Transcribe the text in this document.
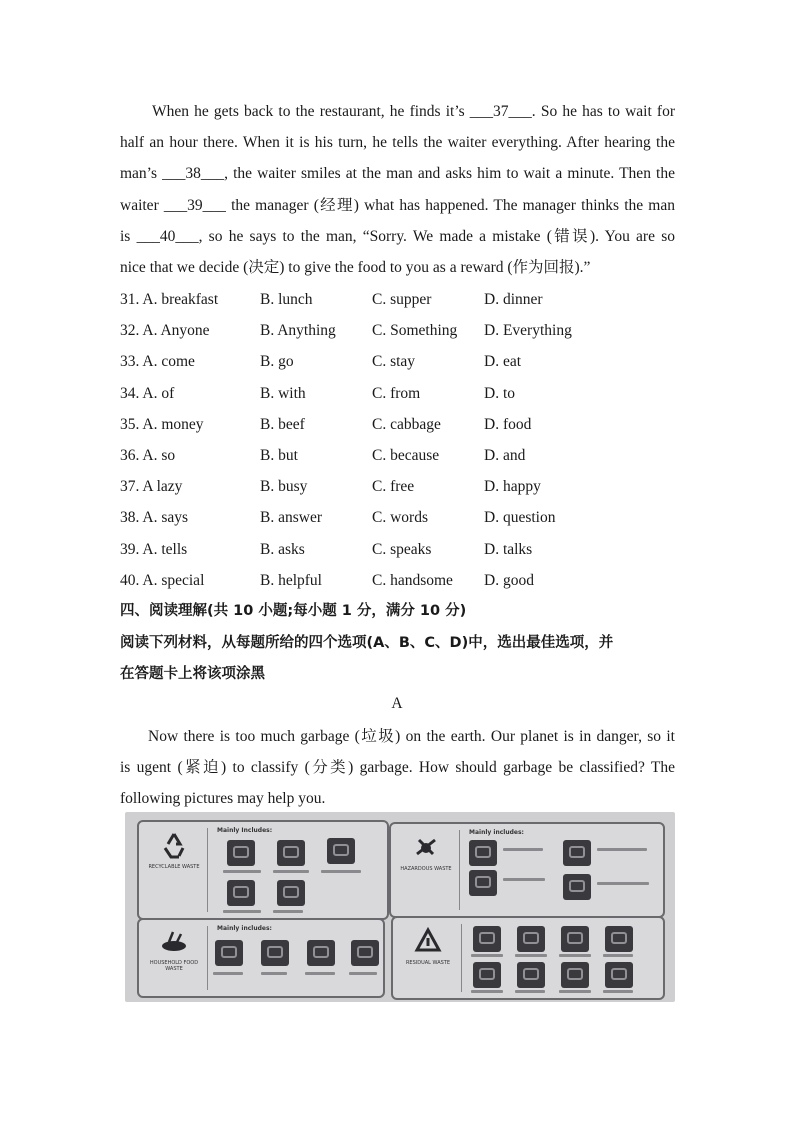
When he gets back to the restaurant, he finds it’s ___37___. So he has to wait for
half an hour there. When it is his turn, he tells the waiter everything. After hearing the
man’s ___38___, the waiter smiles at the man and asks him to wait a minute. Then the
waiter ___39___ the manager (经理) what has happened. The manager thinks the man
is ___40___, so he says to the man, “Sorry. We made a mistake (错误). You are so
nice that we decide (决定) to give the food to you as a reward (作为回报).”
31. A. breakfast	B. lunch	C. supper	D. dinner
32. A. Anyone	B. Anything C. Something D. Everything
33. A. come	B. go	C. stay	D. eat
34. A. of	B. with	C. from	D. to
35. A. money	B. beef	C. cabbage	D. food
36. A. so	B. but	C. because	D. and
37. A lazy	B. busy	C. free	D. happy
38. A. says	B. answer	C. words	D. question
39. A. tells	B. asks	C. speaks	D. talks
40. A. special	B. helpful	C. handsome D. good
四、阅读理解(共 10 小题;每小题 1 分，满分 10 分)
阅读下列材料，从每题所给的四个选项(A、B、C、D)中，选出最佳选项，并
在答题卡上将该项涂黑
A
Now there is too much garbage (垃圾) on the earth. Our planet is in danger, so it
is ugent (紧迫) to classify (分类) garbage. How should garbage be classified? The
following pictures may help you.
RECYCLABLE WASTE
Mainly Includes:
HAZARDOUS WASTE
Mainly includes:
HOUSEHOLD FOOD WASTE
Mainly includes:
RESIDUAL WASTE
